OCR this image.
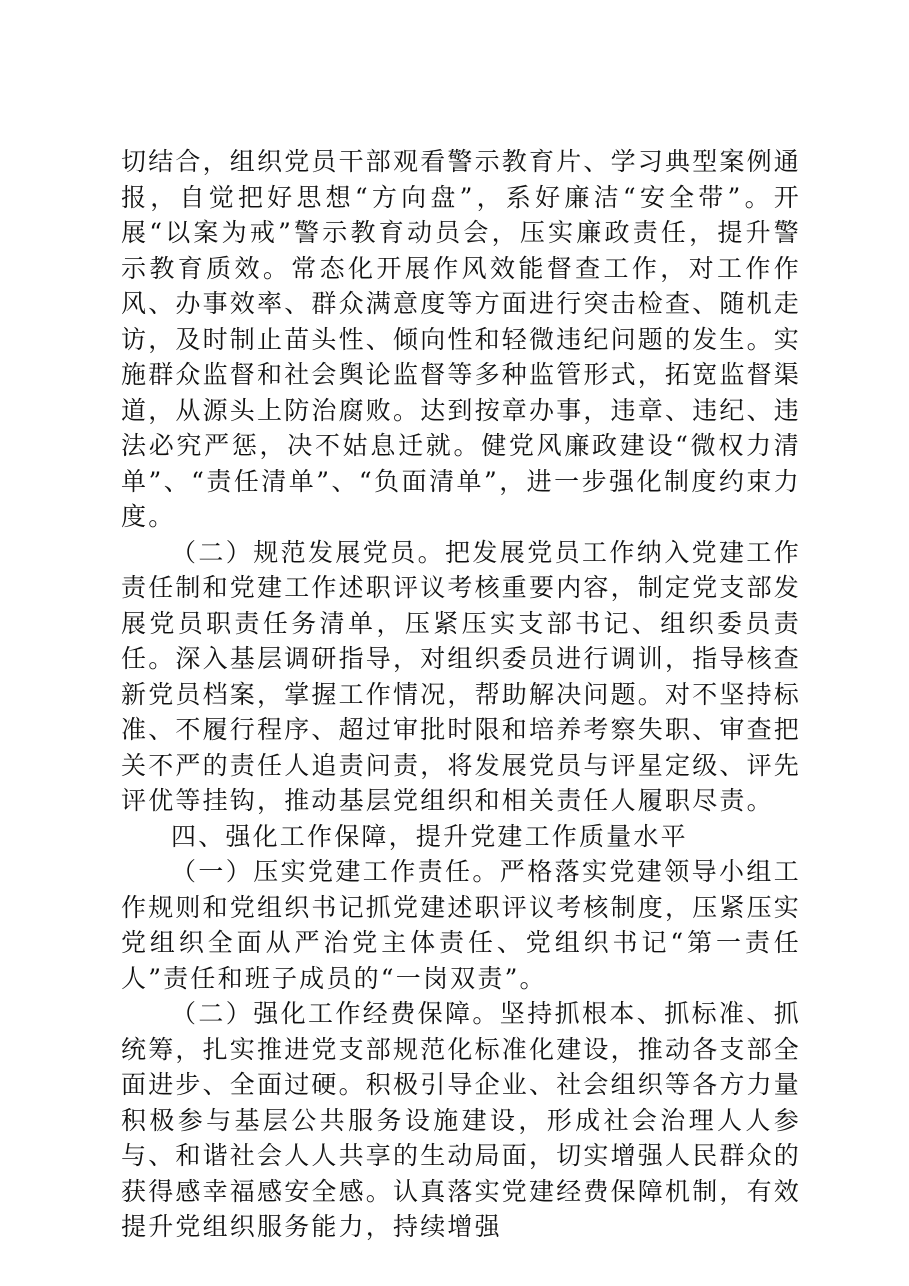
切结合，组织党员干部观看警示教育片、学习典型案例通报，自觉把好思想“方向盘”，系好廉洁“安全带”。开展“以案为戒”警示教育动员会，压实廉政责任，提升警示教育质效。常态化开展作风效能督查工作，对工作作风、办事效率、群众满意度等方面进行突击检查、随机走访，及时制止苗头性、倾向性和轻微违纪问题的发生。实施群众监督和社会舆论监督等多种监管形式，拓宽监督渠道，从源头上防治腐败。达到按章办事，违章、违纪、违法必究严惩，决不姑息迁就。健党风廉政建设“微权力清单”、“责任清单”、“负面清单”，进一步强化制度约束力度。

（二）规范发展党员。把发展党员工作纳入党建工作责任制和党建工作述职评议考核重要内容，制定党支部发展党员职责任务清单，压紧压实支部书记、组织委员责任。深入基层调研指导，对组织委员进行调训，指导核查新党员档案，掌握工作情况，帮助解决问题。对不坚持标准、不履行程序、超过审批时限和培养考察失职、审查把关不严的责任人追责问责，将发展党员与评星定级、评先评优等挂钩，推动基层党组织和相关责任人履职尽责。

四、强化工作保障，提升党建工作质量水平

（一）压实党建工作责任。严格落实党建领导小组工作规则和党组织书记抓党建述职评议考核制度，压紧压实党组织全面从严治党主体责任、党组织书记“第一责任人”责任和班子成员的“一岗双责”。

（二）强化工作经费保障。坚持抓根本、抓标准、抓统筹，扎实推进党支部规范化标准化建设，推动各支部全面进步、全面过硬。积极引导企业、社会组织等各方力量积极参与基层公共服务设施建设，形成社会治理人人参与、和谐社会人人共享的生动局面，切实增强人民群众的获得感幸福感安全感。认真落实党建经费保障机制，有效提升党组织服务能力，持续增强
